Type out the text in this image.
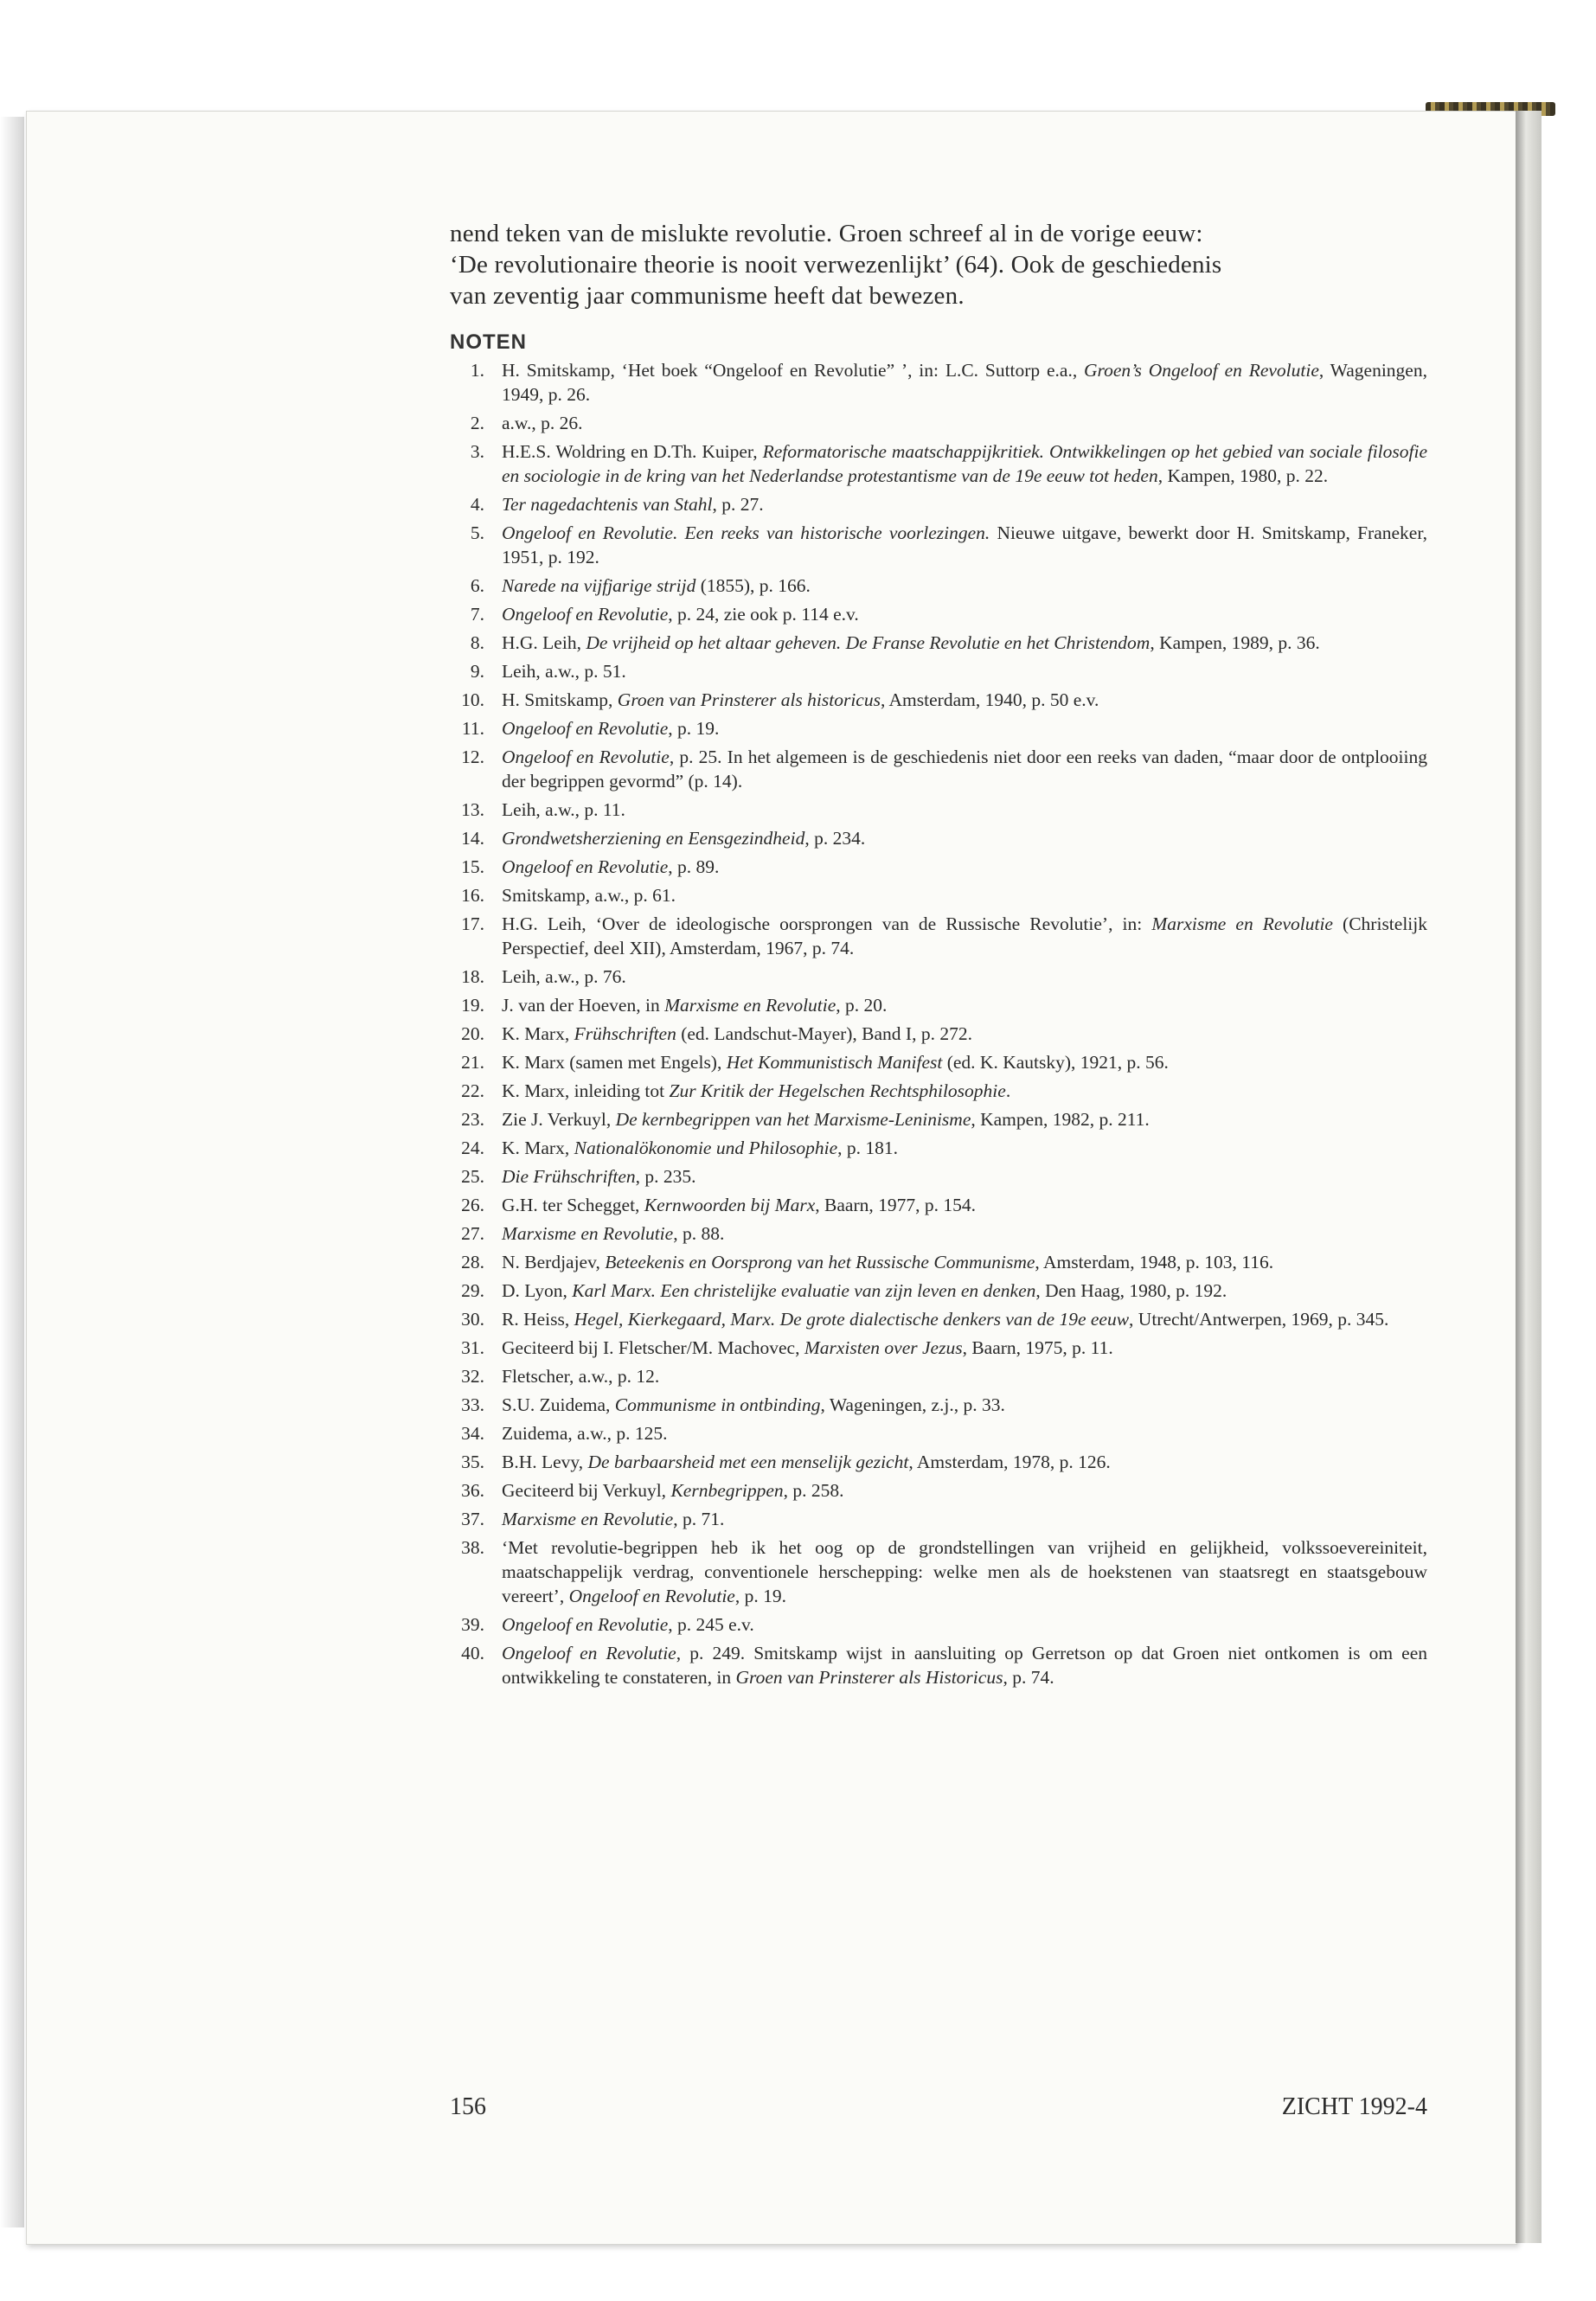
nend teken van de mislukte revolutie. Groen schreef al in de vorige eeuw:
‘De revolutionaire theorie is nooit verwezenlijkt’ (64). Ook de geschiedenis
van zeventig jaar communisme heeft dat bewezen.

NOTEN
1. H. Smitskamp, ‘Het boek “Ongeloof en Revolutie” ’, in: L.C. Suttorp e.a., Groen’s Ongeloof en Revolutie, Wageningen, 1949, p. 26.
2. a.w., p. 26.
3. H.E.S. Woldring en D.Th. Kuiper, Reformatorische maatschappijkritiek. Ontwikkelingen op het gebied van sociale filosofie en sociologie in de kring van het Nederlandse protestantisme van de 19e eeuw tot heden, Kampen, 1980, p. 22.
4. Ter nagedachtenis van Stahl, p. 27.
5. Ongeloof en Revolutie. Een reeks van historische voorlezingen. Nieuwe uitgave, bewerkt door H. Smitskamp, Franeker, 1951, p. 192.
6. Narede na vijfjarige strijd (1855), p. 166.
7. Ongeloof en Revolutie, p. 24, zie ook p. 114 e.v.
8. H.G. Leih, De vrijheid op het altaar geheven. De Franse Revolutie en het Christendom, Kampen, 1989, p. 36.
9. Leih, a.w., p. 51.
10. H. Smitskamp, Groen van Prinsterer als historicus, Amsterdam, 1940, p. 50 e.v.
11. Ongeloof en Revolutie, p. 19.
12. Ongeloof en Revolutie, p. 25. In het algemeen is de geschiedenis niet door een reeks van daden, “maar door de ontplooiing der begrippen gevormd” (p. 14).
13. Leih, a.w., p. 11.
14. Grondwetsherziening en Eensgezindheid, p. 234.
15. Ongeloof en Revolutie, p. 89.
16. Smitskamp, a.w., p. 61.
17. H.G. Leih, ‘Over de ideologische oorsprongen van de Russische Revolutie’, in: Marxisme en Revolutie (Christelijk Perspectief, deel XII), Amsterdam, 1967, p. 74.
18. Leih, a.w., p. 76.
19. J. van der Hoeven, in Marxisme en Revolutie, p. 20.
20. K. Marx, Frühschriften (ed. Landschut-Mayer), Band I, p. 272.
21. K. Marx (samen met Engels), Het Kommunistisch Manifest (ed. K. Kautsky), 1921, p. 56.
22. K. Marx, inleiding tot Zur Kritik der Hegelschen Rechtsphilosophie.
23. Zie J. Verkuyl, De kernbegrippen van het Marxisme-Leninisme, Kampen, 1982, p. 211.
24. K. Marx, Nationalökonomie und Philosophie, p. 181.
25. Die Frühschriften, p. 235.
26. G.H. ter Schegget, Kernwoorden bij Marx, Baarn, 1977, p. 154.
27. Marxisme en Revolutie, p. 88.
28. N. Berdjajev, Beteekenis en Oorsprong van het Russische Communisme, Amsterdam, 1948, p. 103, 116.
29. D. Lyon, Karl Marx. Een christelijke evaluatie van zijn leven en denken, Den Haag, 1980, p. 192.
30. R. Heiss, Hegel, Kierkegaard, Marx. De grote dialectische denkers van de 19e eeuw, Utrecht/Antwerpen, 1969, p. 345.
31. Geciteerd bij I. Fletscher/M. Machovec, Marxisten over Jezus, Baarn, 1975, p. 11.
32. Fletscher, a.w., p. 12.
33. S.U. Zuidema, Communisme in ontbinding, Wageningen, z.j., p. 33.
34. Zuidema, a.w., p. 125.
35. B.H. Levy, De barbaarsheid met een menselijk gezicht, Amsterdam, 1978, p. 126.
36. Geciteerd bij Verkuyl, Kernbegrippen, p. 258.
37. Marxisme en Revolutie, p. 71.
38. ‘Met revolutie-begrippen heb ik het oog op de grondstellingen van vrijheid en gelijkheid, volkssoevereiniteit, maatschappelijk verdrag, conventionele herschepping: welke men als de hoekstenen van staatsregt en staatsgebouw vereert’, Ongeloof en Revolutie, p. 19.
39. Ongeloof en Revolutie, p. 245 e.v.
40. Ongeloof en Revolutie, p. 249. Smitskamp wijst in aansluiting op Gerretson op dat Groen niet ontkomen is om een ontwikkeling te constateren, in Groen van Prinsterer als Historicus, p. 74.
156	ZICHT 1992-4
